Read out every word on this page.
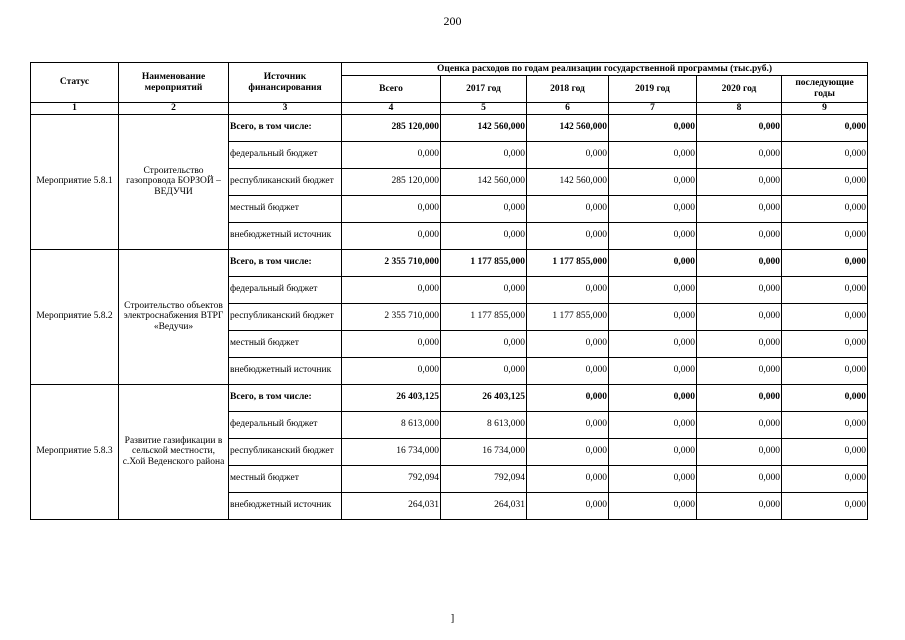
200
Статус	Наименование мероприятий	Источник финансирования	Оценка расходов по годам реализации государственной программы (тыс.руб.)					
			Всего	2017 год	2018 год	2019 год	2020 год	последующие годы
1	2	3	4	5	6	7	8	9
Мероприятие 5.8.1	Строительство газопровода БОРЗОЙ – ВЕДУЧИ	Всего, в том числе:	285 120,000	142 560,000	142 560,000	0,000	0,000	0,000
		федеральный бюджет	0,000	0,000	0,000	0,000	0,000	0,000
		республиканский бюджет	285 120,000	142 560,000	142 560,000	0,000	0,000	0,000
		местный бюджет	0,000	0,000	0,000	0,000	0,000	0,000
		внебюджетный источник	0,000	0,000	0,000	0,000	0,000	0,000
Мероприятие 5.8.2	Строительство объектов электроснабжения ВТРГ «Ведучи»	Всего, в том числе:	2 355 710,000	1 177 855,000	1 177 855,000	0,000	0,000	0,000
		федеральный бюджет	0,000	0,000	0,000	0,000	0,000	0,000
		республиканский бюджет	2 355 710,000	1 177 855,000	1 177 855,000	0,000	0,000	0,000
		местный бюджет	0,000	0,000	0,000	0,000	0,000	0,000
		внебюджетный источник	0,000	0,000	0,000	0,000	0,000	0,000
Мероприятие 5.8.3	Развитие газификации в сельской местности, с.Хой Веденского района	Всего, в том числе:	26 403,125	26 403,125	0,000	0,000	0,000	0,000
		федеральный бюджет	8 613,000	8 613,000	0,000	0,000	0,000	0,000
		республиканский бюджет	16 734,000	16 734,000	0,000	0,000	0,000	0,000
		местный бюджет	792,094	792,094	0,000	0,000	0,000	0,000
		внебюджетный источник	264,031	264,031	0,000	0,000	0,000	0,000
]
